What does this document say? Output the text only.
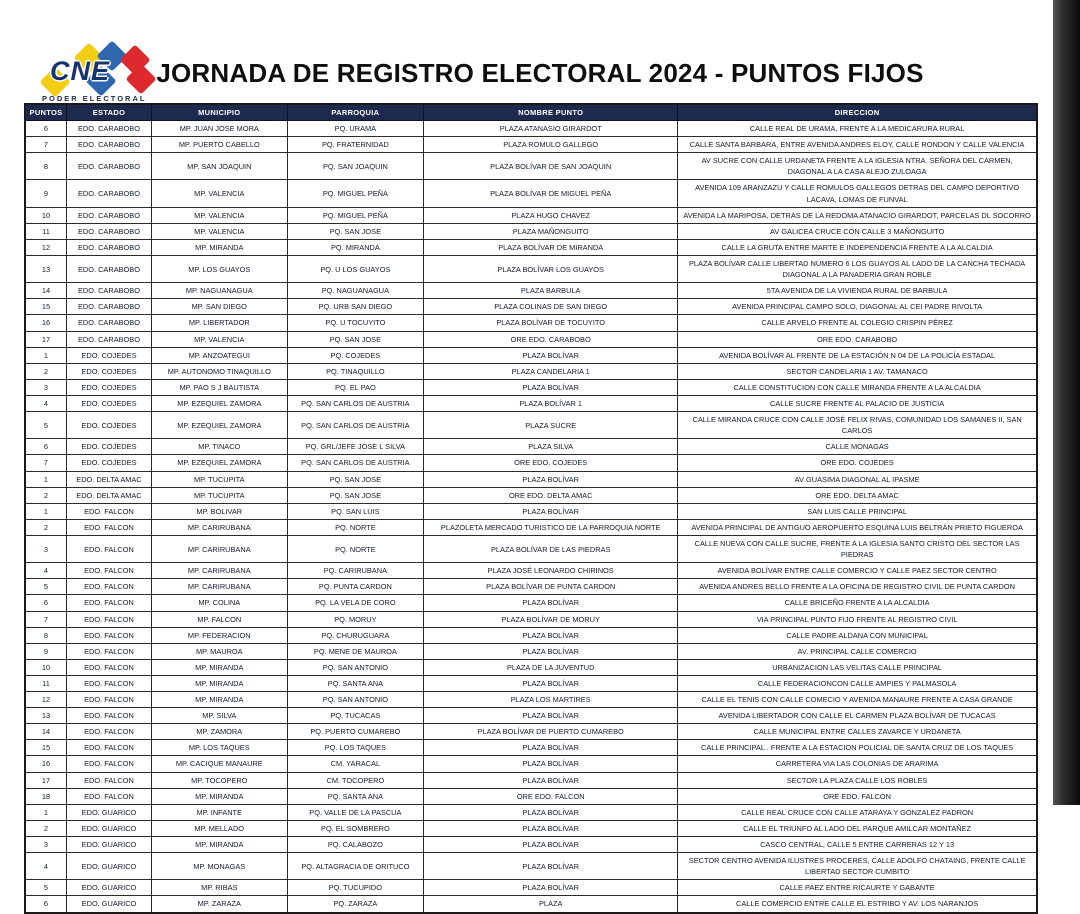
CNE
PODER ELECTORAL
JORNADA DE REGISTRO ELECTORAL 2024 - PUNTOS FIJOS
PUNTOS	ESTADO	MUNICIPIO	PARROQUIA	NOMBRE PUNTO	DIRECCION
6	EDO. CARABOBO	MP. JUAN JOSE MORA	PQ. URAMA	PLAZA ATANASIO GIRARDOT	CALLE REAL DE URAMA, FRENTE A LA MEDICARURA RURAL
7	EDO. CARABOBO	MP. PUERTO CABELLO	PQ. FRATERNIDAD	PLAZA ROMULO GALLEGO	CALLE SANTA BARBARA, ENTRE AVENIDA ANDRES ELOY, CALLE RONDON Y CALLE VALENCIA
8	EDO. CARABOBO	MP. SAN JOAQUIN	PQ. SAN JOAQUIN	PLAZA BOLÍVAR DE SAN JOAQUIN	AV SUCRE CON CALLE URDANETA FRENTE A LA IGLESIA NTRA. SEÑORA DEL CARMEN, DIAGONAL A LA CASA ALEJO ZULOAGA
9	EDO. CARABOBO	MP. VALENCIA	PQ. MIGUEL PEÑA	PLAZA BOLÍVAR DE MIGUEL PEÑA	AVENIDA 109 ARANZAZU Y CALLE ROMULOS GALLEGOS DETRAS DEL CAMPO DEPORTIVO LACAVA, LOMAS DE FUNVAL
10	EDO. CARABOBO	MP. VALENCIA	PQ. MIGUEL PEÑA	PLAZA HUGO CHAVEZ	AVENIDA LA MARIPOSA, DETRAS DE LA REDOMA ATANACIO GIRARDOT, PARCELAS DL SOCORRO
11	EDO. CARABOBO	MP. VALENCIA	PQ. SAN JOSE	PLAZA MAÑONGUITO	AV GALICEA CRUCE CON CALLE 3 MAÑONGUITO
12	EDO. CARABOBO	MP. MIRANDA	PQ. MIRANDA	PLAZA BOLÍVAR DE MIRANDA	CALLE LA GRUTA ENTRE MARTE E INDEPENDENCIA FRENTE A LA ALCALDIA
13	EDO. CARABOBO	MP. LOS GUAYOS	PQ. U LOS GUAYOS	PLAZA BOLÍVAR LOS GUAYOS	PLAZA BOLÍVAR CALLE LIBERTAD NUMERO 6 LOS GUAYOS AL LADO DE LA CANCHA TECHADA DIAGONAL A LA PANADERIA GRAN ROBLE
14	EDO. CARABOBO	MP. NAGUANAGUA	PQ. NAGUANAGUA	PLAZA BARBULA	5TA AVENIDA DE LA VIVIENDA RURAL DE BARBULA
15	EDO. CARABOBO	MP. SAN DIEGO	PQ. URB SAN DIEGO	PLAZA COLINAS DE SAN DIEGO	AVENIDA PRINCIPAL CAMPO SOLO, DIAGONAL AL CEI PADRE RIVOLTA
16	EDO. CARABOBO	MP. LIBERTADOR	PQ. U TOCUYITO	PLAZA BOLÍVAR DE TOCUYITO	CALLE ARVELO FRENTE AL COLEGIO CRISPIN PÉREZ
17	EDO. CARABOBO	MP. VALENCIA	PQ. SAN JOSE	ORE EDO. CARABOBO	ORE EDO. CARABOBO
1	EDO. COJEDES	MP. ANZOATEGUI	PQ. COJEDES	PLAZA BOLÍVAR	AVENIDA BOLÍVAR AL FRENTE DE LA ESTACIÓN N 04 DE LA POLICÍA ESTADAL
2	EDO. COJEDES	MP. AUTONOMO TINAQUILLO	PQ. TINAQUILLO	PLAZA CANDELARIA 1	SECTOR CANDELARIA 1 AV. TAMANACO
3	EDO. COJEDES	MP. PAO S J BAUTISTA	PQ. EL PAO	PLAZA BOLÍVAR	CALLE CONSTITUCION CON CALLE MIRANDA FRENTE A LA ALCALDIA
4	EDO. COJEDES	MP. EZEQUIEL ZAMORA	PQ. SAN CARLOS DE AUSTRIA	PLAZA BOLÍVAR 1	CALLE SUCRE FRENTE AL PALACIO DE JUSTICIA
5	EDO. COJEDES	MP. EZEQUIEL ZAMORA	PQ. SAN CARLOS DE AUSTRIA	PLAZA SUCRE	CALLE MIRANDA CRUCE CON CALLE JOSÉ FELIX RIVAS, COMUNIDAD LOS SAMANES II, SAN CARLOS
6	EDO. COJEDES	MP. TINACO	PQ. GRL/JEFE JOSE L SILVA	PLAZA SILVA	CALLE MONAGAS
7	EDO. COJEDES	MP. EZEQUIEL ZAMORA	PQ. SAN CARLOS DE AUSTRIA	ORE EDO. COJEDES	ORE EDO. COJEDES
1	EDO. DELTA AMAC	MP. TUCUPITA	PQ. SAN JOSE	PLAZA BOLÍVAR	AV GUASIMA DIAGONAL AL IPASME
2	EDO. DELTA AMAC	MP. TUCUPITA	PQ. SAN JOSE	ORE EDO. DELTA AMAC	ORE EDO. DELTA AMAC
1	EDO. FALCON	MP. BOLIVAR	PQ. SAN LUIS	PLAZA BOLÍVAR	SAN LUIS CALLE PRINCIPAL
2	EDO. FALCON	MP. CARIRUBANA	PQ. NORTE	PLAZOLETA MERCADO TURISTICO DE LA PARROQUIA NORTE	AVENIDA PRINCIPAL DE ANTIGUO AEROPUERTO ESQUINA LUIS BELTRÁN PRIETO FIGUEROA
3	EDO. FALCON	MP. CARIRUBANA	PQ. NORTE	PLAZA BOLÍVAR DE LAS PIEDRAS	CALLE NUEVA CON CALLE SUCRE, FRENTE A LA IGLESIA SANTO CRISTO DEL SECTOR LAS PIEDRAS
4	EDO. FALCON	MP. CARIRUBANA	PQ. CARIRUBANA	PLAZA JOSÉ LEONARDO CHIRINOS	AVENIDA BOLÍVAR ENTRE CALLE COMERCIO Y CALLE PAEZ SECTOR CENTRO
5	EDO. FALCON	MP. CARIRUBANA	PQ. PUNTA CARDON	PLAZA BOLÍVAR DE PUNTA CARDON	AVENIDA ANDRES BELLO FRENTE A LA OFICINA DE REGISTRO CIVIL DE PUNTA CARDON
6	EDO. FALCON	MP. COLINA	PQ. LA VELA DE CORO	PLAZA BOLÍVAR	CALLE BRICEÑO FRENTE A LA ALCALDIA
7	EDO. FALCON	MP. FALCON	PQ. MORUY	PLAZA BOLÍVAR DE MORUY	VIA PRINCIPAL PUNTO FIJO FRENTE AL REGISTRO CIVIL
8	EDO. FALCON	MP. FEDERACION	PQ. CHURUGUARA	PLAZA BOLÍVAR	CALLE PADRE ALDANA CON MUNICIPAL
9	EDO. FALCON	MP. MAUROA	PQ. MENE DE MAUROA	PLAZA BOLÍVAR	AV. PRINCIPAL CALLE COMERCIO
10	EDO. FALCON	MP. MIRANDA	PQ. SAN ANTONIO	PLAZA DE LA JUVENTUD	URBANIZACION LAS VELITAS CALLE PRINCIPAL
11	EDO. FALCON	MP. MIRANDA	PQ. SANTA ANA	PLAZA BOLÍVAR	CALLE FEDERACIONCON CALLE AMPIES Y PALMASOLA
12	EDO. FALCON	MP. MIRANDA	PQ. SAN ANTONIO	PLAZA LOS MARTIRES	CALLE EL TENIS CON CALLE COMECIO Y AVENIDA MANAURE FRENTE A CASA GRANDE
13	EDO. FALCON	MP. SILVA	PQ. TUCACAS	PLAZA BOLÍVAR	AVENIDA LIBERTADOR CON CALLE EL CARMEN PLAZA BOLÍVAR DE TUCACAS
14	EDO. FALCON	MP. ZAMORA	PQ. PUERTO CUMAREBO	PLAZA BOLÍVAR DE PUERTO CUMAREBO	CALLE MUNICIPAL ENTRE CALLES ZAVARCE Y URDANETA
15	EDO. FALCON	MP. LOS TAQUES	PQ. LOS TAQUES	PLAZA BOLÍVAR	CALLE PRINCIPAL . FRENTE A LA ESTACION POLICIAL DE SANTA CRUZ DE LOS TAQUES
16	EDO. FALCON	MP. CACIQUE MANAURE	CM. YARACAL	PLAZA BOLÍVAR	CARRETERA VIA LAS COLONIAS DE ARARIMA
17	EDO. FALCON	MP. TOCOPERO	CM. TOCOPERO	PLAZA BOLÍVAR	SECTOR LA PLAZA CALLE LOS ROBLES
18	EDO. FALCON	MP. MIRANDA	PQ. SANTA ANA	ORE EDO. FALCON	ORE EDO. FALCON
1	EDO. GUARICO	MP. INFANTE	PQ. VALLE DE LA PASCUA	PLAZA BOLÍVAR	CALLE REAL CRUCE CON CALLE ATARAYA Y GONZALEZ PADRON
2	EDO. GUARICO	MP. MELLADO	PQ. EL SOMBRERO	PLAZA BOLÍVAR	CALLE EL TRIUNFO AL LADO DEL PARQUE AMILCAR MONTAÑEZ
3	EDO. GUARICO	MP. MIRANDA	PQ. CALABOZO	PLAZA BOLÍVAR	CASCO CENTRAL, CALLE 5 ENTRE CARRERAS 12 Y 13
4	EDO. GUARICO	MP. MONAGAS	PQ. ALTAGRACIA DE ORITUCO	PLAZA BOLÍVAR	SECTOR CENTRO AVENIDA ILUSTRES PROCERES, CALLE ADOLFO CHATAING, FRENTE CALLE LIBERTAD SECTOR CUMBITO
5	EDO. GUARICO	MP. RIBAS	PQ. TUCUPIDO	PLAZA BOLÍVAR	CALLE PAEZ ENTRE RICAURTE Y GABANTE
6	EDO. GUARICO	MP. ZARAZA	PQ. ZARAZA	PLAZA	CALLE COMERCIO ENTRE CALLE EL ESTRIBO Y AV. LOS NARANJOS
